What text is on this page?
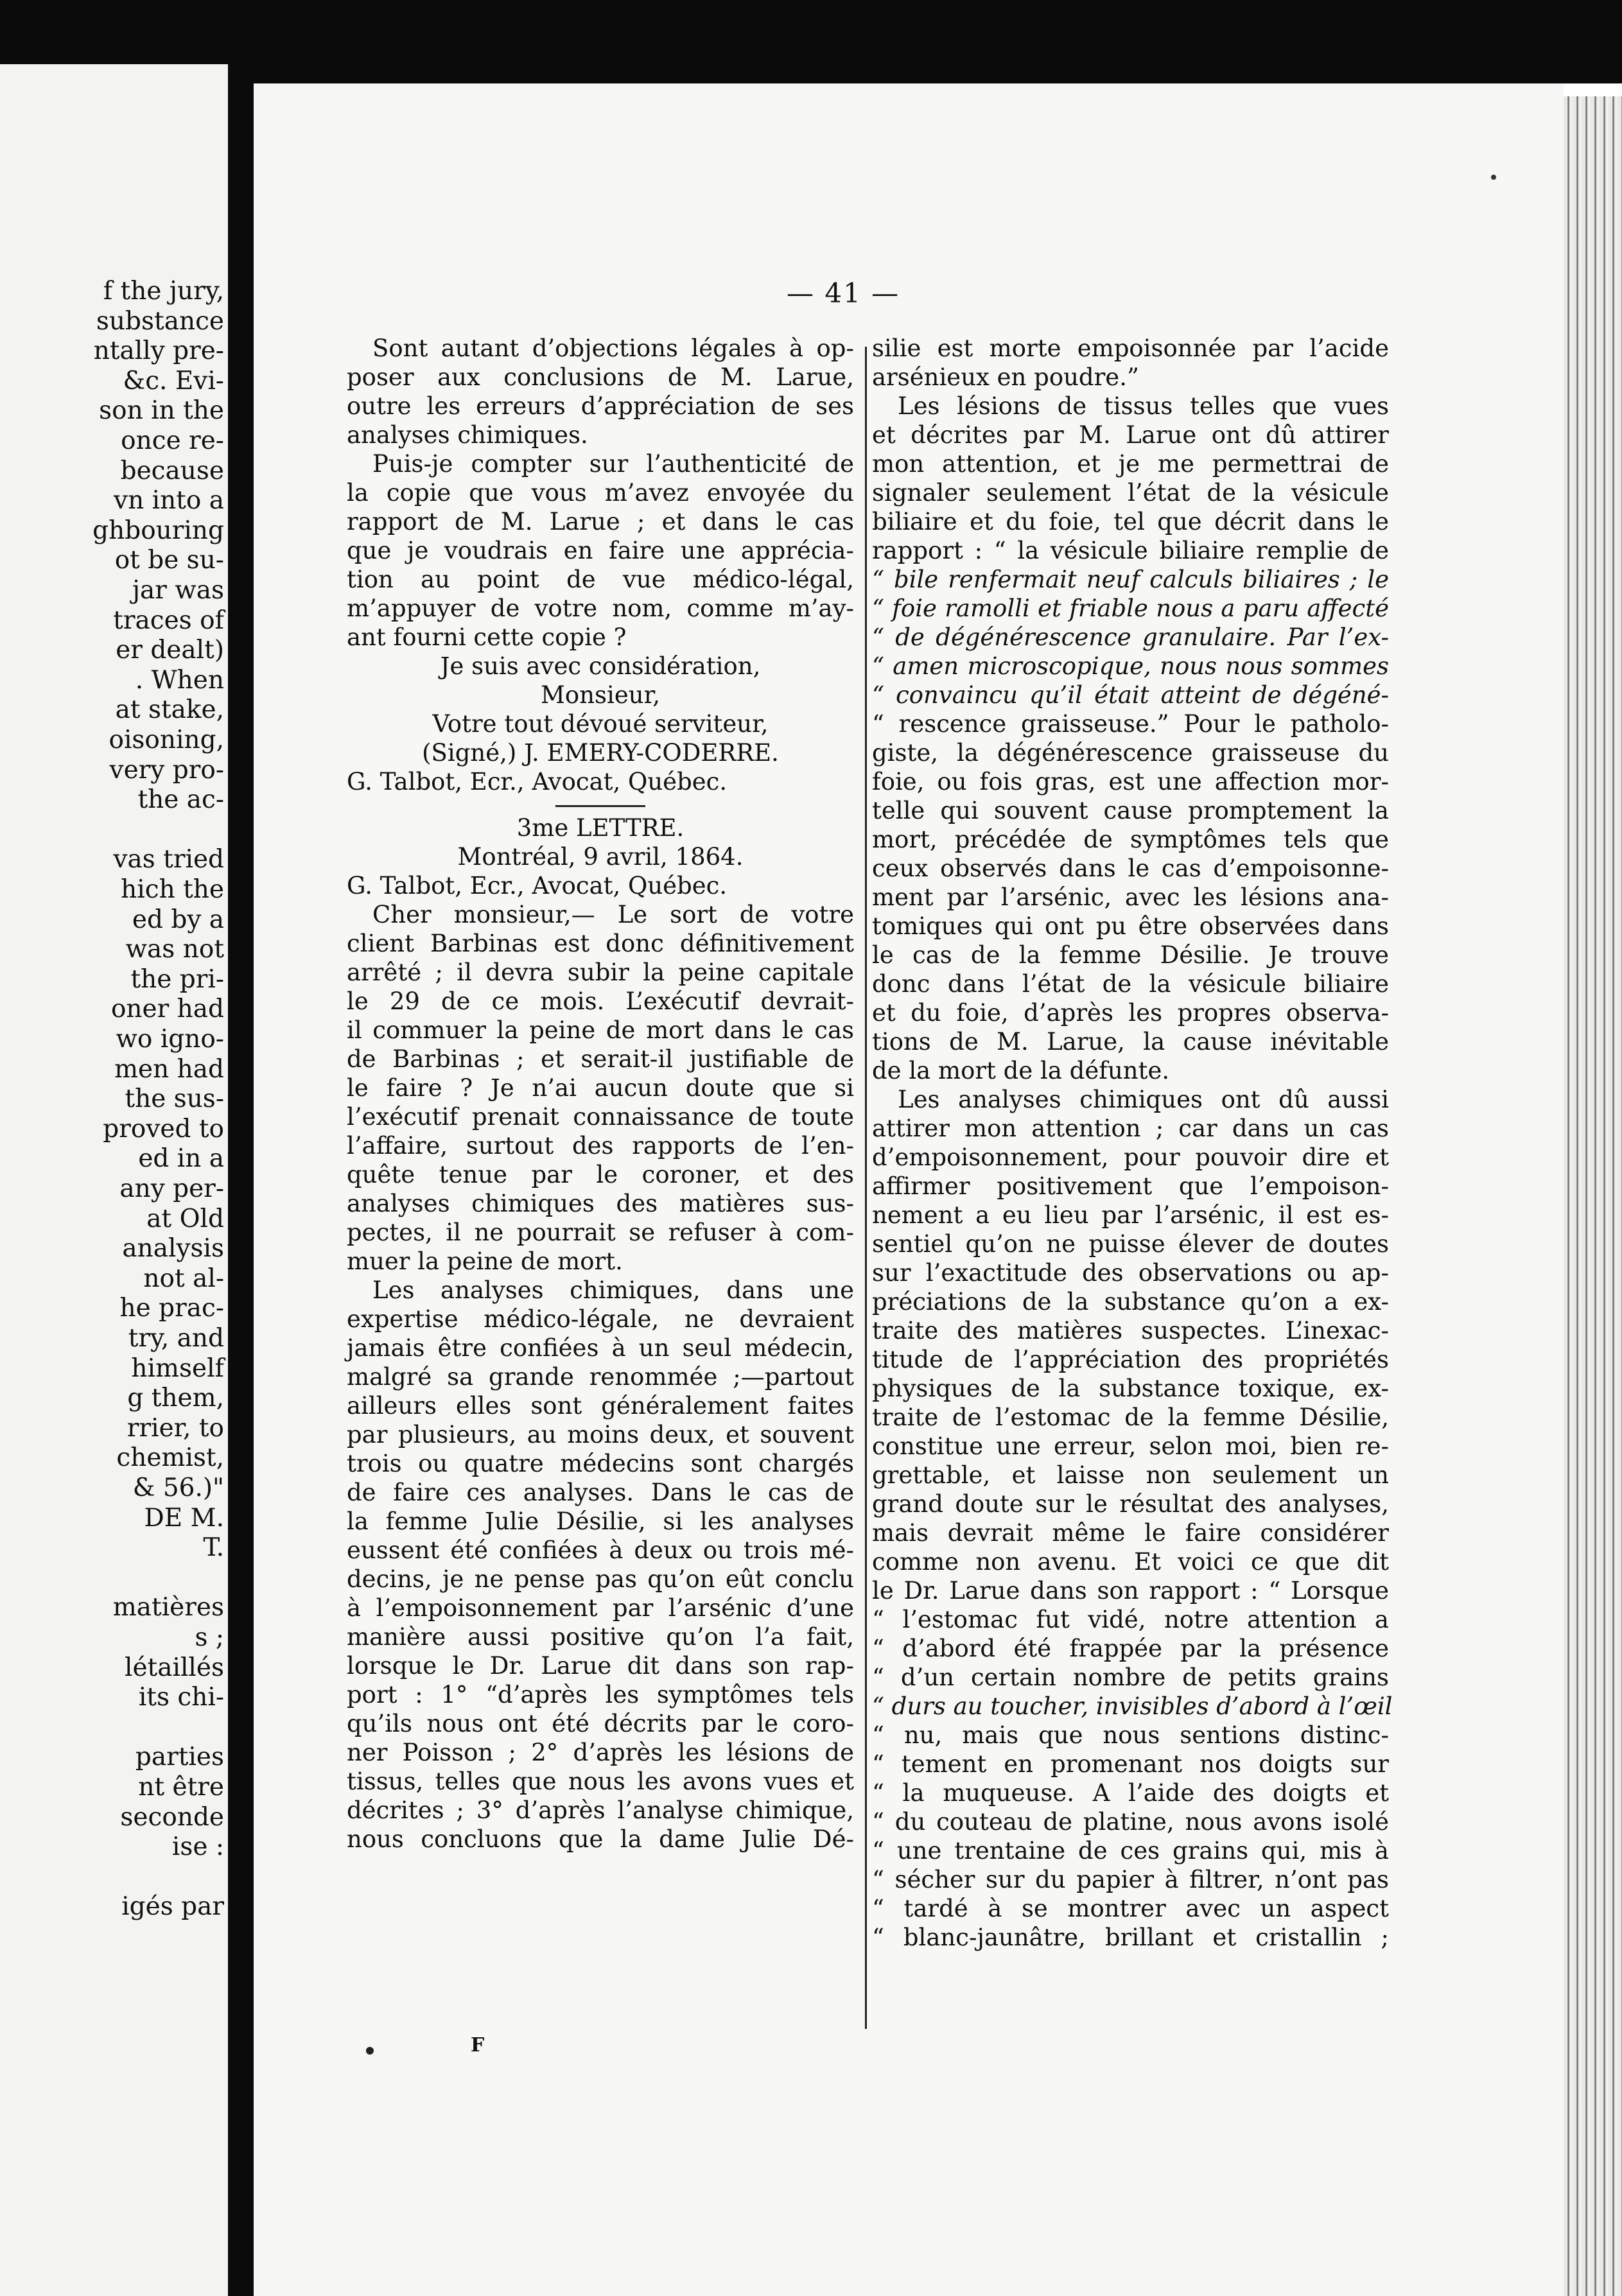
f the jury,
substance
ntally pre-
&c. Evi-
son in the
once re-
because
vn into a
ghbouring
ot be su-
jar was
traces of
er dealt)
. When
at stake,
oisoning,
very pro-
the ac-
vas tried
hich the
ed by a
was not
the pri-
oner had
wo igno-
men had
the sus-
proved to
ed in a
any per-
at Old
analysis
not al-
he prac-
try, and
himself
g them,
rrier, to
chemist,
& 56.)"
DE M.
T.
matières
s ;
létaillés
its chi-
parties
nt être
seconde
ise :
igés par
— 41 —
Sont autant d’objections légales à op-
poser aux conclusions de M. Larue,
outre les erreurs d’appréciation de ses
analyses chimiques.
Puis-je compter sur l’authenticité de
la copie que vous m’avez envoyée du
rapport de M. Larue ; et dans le cas
que je voudrais en faire une apprécia-
tion au point de vue médico-légal,
m’appuyer de votre nom, comme m’ay-
ant fourni cette copie ?
Je suis avec considération,
Monsieur,
Votre tout dévoué serviteur,
(Signé,) J. EMERY-CODERRE.
G. Talbot, Ecr., Avocat, Québec.
3me LETTRE.
Montréal, 9 avril, 1864.
G. Talbot, Ecr., Avocat, Québec.
Cher monsieur,— Le sort de votre
client Barbinas est donc définitivement
arrêté ; il devra subir la peine capitale
le 29 de ce mois. L’exécutif devrait-
il commuer la peine de mort dans le cas
de Barbinas ; et serait-il justifiable de
le faire ? Je n’ai aucun doute que si
l’exécutif prenait connaissance de toute
l’affaire, surtout des rapports de l’en-
quête tenue par le coroner, et des
analyses chimiques des matières sus-
pectes, il ne pourrait se refuser à com-
muer la peine de mort.
Les analyses chimiques, dans une
expertise médico-légale, ne devraient
jamais être confiées à un seul médecin,
malgré sa grande renommée ;—partout
ailleurs elles sont généralement faites
par plusieurs, au moins deux, et souvent
trois ou quatre médecins sont chargés
de faire ces analyses. Dans le cas de
la femme Julie Désilie, si les analyses
eussent été confiées à deux ou trois mé-
decins, je ne pense pas qu’on eût conclu
à l’empoisonnement par l’arsénic d’une
manière aussi positive qu’on l’a fait,
lorsque le Dr. Larue dit dans son rap-
port : 1° “d’après les symptômes tels
qu’ils nous ont été décrits par le coro-
ner Poisson ; 2° d’après les lésions de
tissus, telles que nous les avons vues et
décrites ; 3° d’après l’analyse chimique,
nous concluons que la dame Julie Dé-
silie est morte empoisonnée par l’acide
arsénieux en poudre.”
Les lésions de tissus telles que vues
et décrites par M. Larue ont dû attirer
mon attention, et je me permettrai de
signaler seulement l’état de la vésicule
biliaire et du foie, tel que décrit dans le
rapport : “ la vésicule biliaire remplie de
“ bile renfermait neuf calculs biliaires ; le
“ foie ramolli et friable nous a paru affecté
“ de dégénérescence granulaire. Par l’ex-
“ amen microscopique, nous nous sommes
“ convaincu qu’il était atteint de dégéné-
“ rescence graisseuse.” Pour le patholo-
giste, la dégénérescence graisseuse du
foie, ou fois gras, est une affection mor-
telle qui souvent cause promptement la
mort, précédée de symptômes tels que
ceux observés dans le cas d’empoisonne-
ment par l’arsénic, avec les lésions ana-
tomiques qui ont pu être observées dans
le cas de la femme Désilie. Je trouve
donc dans l’état de la vésicule biliaire
et du foie, d’après les propres observa-
tions de M. Larue, la cause inévitable
de la mort de la défunte.
Les analyses chimiques ont dû aussi
attirer mon attention ; car dans un cas
d’empoisonnement, pour pouvoir dire et
affirmer positivement que l’empoison-
nement a eu lieu par l’arsénic, il est es-
sentiel qu’on ne puisse élever de doutes
sur l’exactitude des observations ou ap-
préciations de la substance qu’on a ex-
traite des matières suspectes. L’inexac-
titude de l’appréciation des propriétés
physiques de la substance toxique, ex-
traite de l’estomac de la femme Désilie,
constitue une erreur, selon moi, bien re-
grettable, et laisse non seulement un
grand doute sur le résultat des analyses,
mais devrait même le faire considérer
comme non avenu. Et voici ce que dit
le Dr. Larue dans son rapport : “ Lorsque
“ l’estomac fut vidé, notre attention a
“ d’abord été frappée par la présence
“ d’un certain nombre de petits grains
“ durs au toucher, invisibles d’abord à l’œil
“ nu, mais que nous sentions distinc-
“ tement en promenant nos doigts sur
“ la muqueuse. A l’aide des doigts et
“ du couteau de platine, nous avons isolé
“ une trentaine de ces grains qui, mis à
“ sécher sur du papier à filtrer, n’ont pas
“ tardé à se montrer avec un aspect
“ blanc-jaunâtre, brillant et cristallin ;
F
